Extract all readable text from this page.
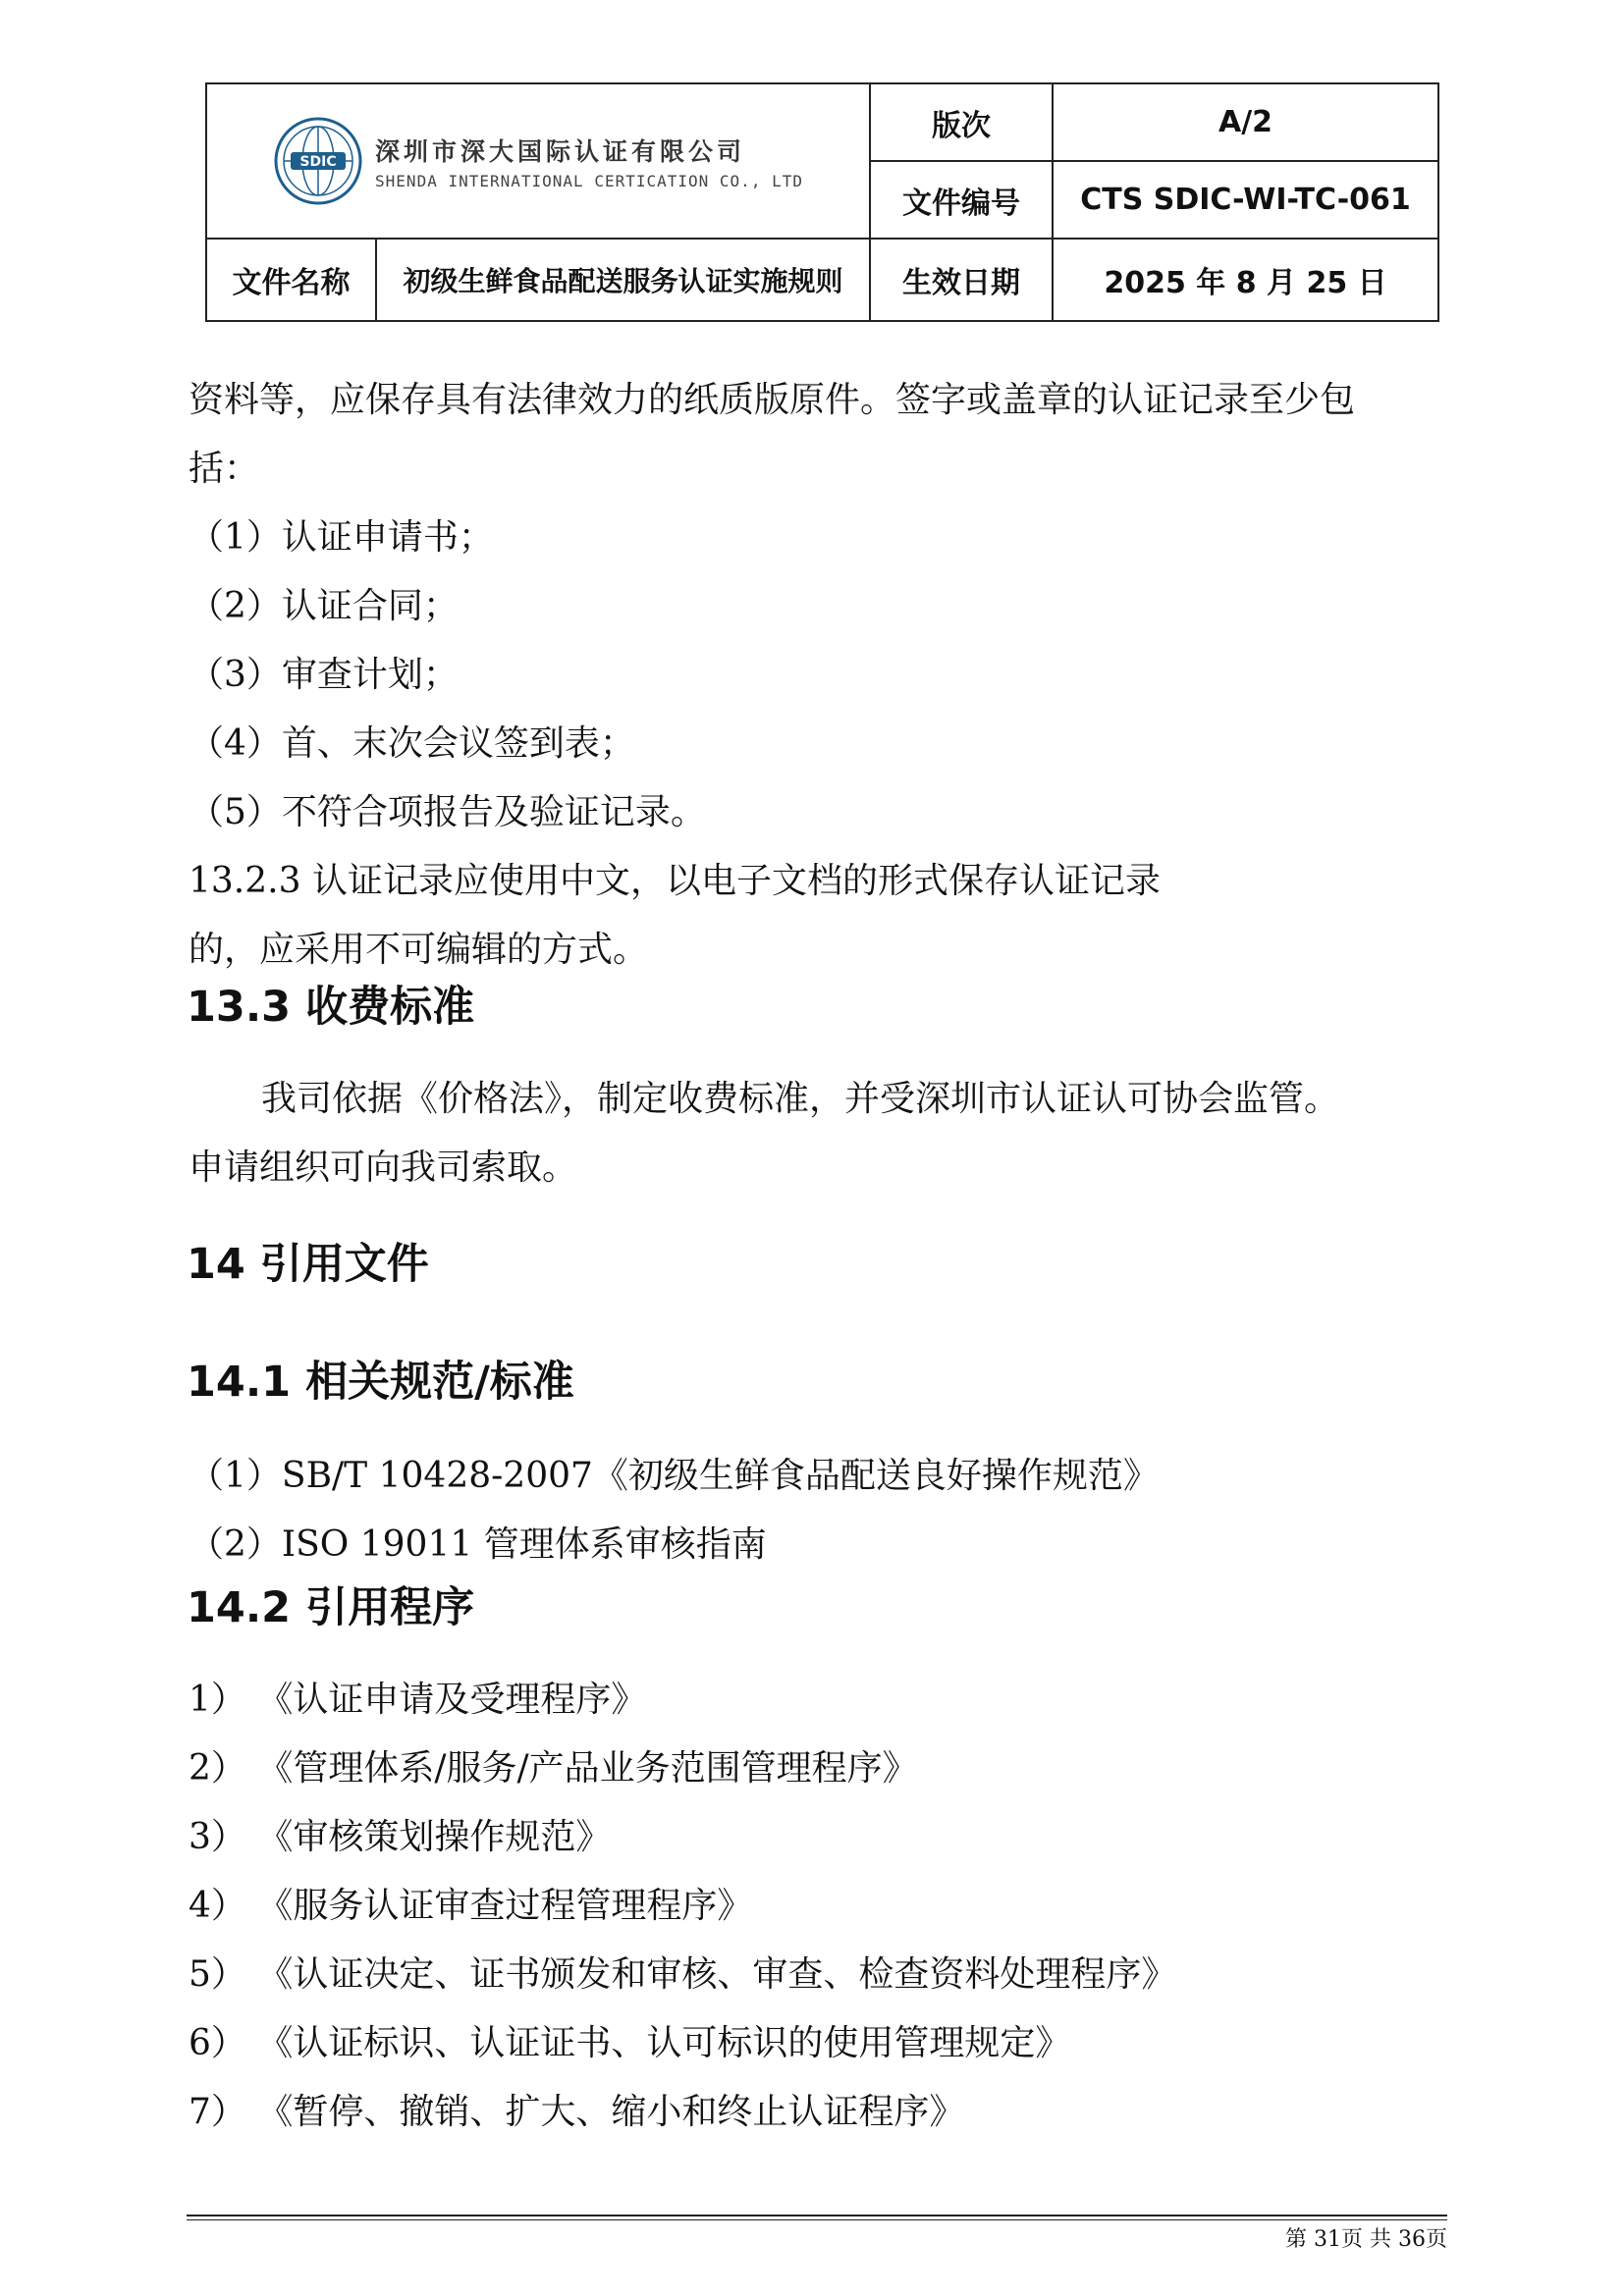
SDIC 深圳市深大国际认证有限公司
SHENDA INTERNATIONAL CERTICATION CO., LTD		版次	A/2
		文件编号	CTS SDIC-WI-TC-061
文件名称	初级生鲜食品配送服务认证实施规则	生效日期	2025 年 8 月 25 日
资料等，应保存具有法律效力的纸质版原件。签字或盖章的认证记录至少包
括：
（1）认证申请书；
（2）认证合同；
（3）审查计划；
（4）首、末次会议签到表；
（5）不符合项报告及验证记录。
13.2.3 认证记录应使用中文，以电子文档的形式保存认证记录
的，应采用不可编辑的方式。
13.3 收费标准
我司依据《价格法》，制定收费标准，并受深圳市认证认可协会监管。
申请组织可向我司索取。
14 引用文件
14.1 相关规范/标准
（1）SB/T 10428-2007《初级生鲜食品配送良好操作规范》
（2）ISO 19011 管理体系审核指南
14.2 引用程序
1） 《认证申请及受理程序》
2） 《管理体系/服务/产品业务范围管理程序》
3） 《审核策划操作规范》
4） 《服务认证审查过程管理程序》
5） 《认证决定、证书颁发和审核、审查、检查资料处理程序》
6） 《认证标识、认证证书、认可标识的使用管理规定》
7） 《暂停、撤销、扩大、缩小和终止认证程序》
第 31页 共 36页
